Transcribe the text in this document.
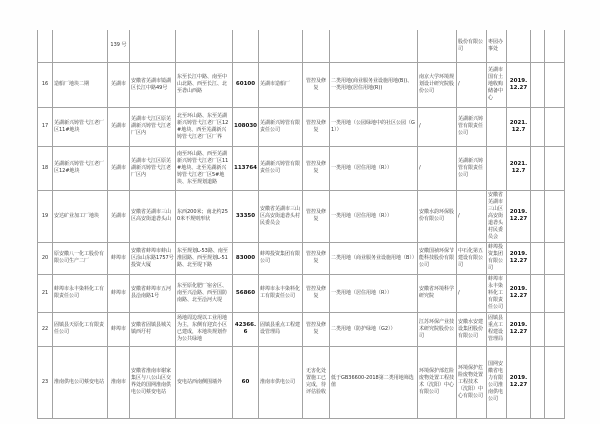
		139 号								股份有限公司	枣园办事处			
16	造船厂地块二期	芜湖市	安徽省芜湖市镜湖区长江中路49号	东至长江中路、南至中山北路、西至长江、北至砻山西路	60100	芜湖市造船厂	管控及修复	二类用地(商业服务业设施用地(B))、一类用地(居住用地(R))	南京大学环境规划设计研究院股份公司	/	芜湖市国有土地收购储备中心	2019.12.27		
17	芜湖新兴铸管弋江老厂区11#地块	芜湖市	芜湖市弋江区原芜湖新兴铸管弋江老厂区内	北至环山路、东至芜湖新兴铸管弋江老厂区12#地块、西至芜湖新兴铸管弋江老厂区厂界	108030	芜湖新兴铸管有限责任公司	管控及修复	一类用地（公园绿地中的社区公园（G1））	/	芜湖新兴铸管有限责任公司		2021.12.7		
18	芜湖新兴铸管弋江老厂区12#地块	芜湖市	芜湖市弋江区原芜湖新兴铸管弋江老厂区内	南至环山路、西至芜湖新兴铸管弋江老厂区11#地块、北至芜湖新兴铸管弋江老厂区5#地块、东至规划道路	113764	芜湖新兴铸管有限责任公司	管控及修复	一类用地（居住用地（R））	/	芜湖新兴铸管有限责任公司		2021.12.7		
19	安达矿业加工厂地块	芜湖市	安徽省芜湖市三山区高安街道砻头山	东西200米；南北约250米不规则形状	33350	安徽省芜湖市三山区高安街道砻头村民委员会	管控及修复	一类用地（居住用地（R））	安徽水韵环保股份有限公司	/	安徽省芜湖市三山区高安街道砻头村民委员会	2019.12.27		
20	原安徽八一化工股份有限公司生产二厂	蚌埠市	安徽省蚌埠市蚌山区涂山东路1757号投资大厦	东至规划L-53路、南至淮园路、西至规划L-51路、北至堤下路	83000	蚌埠投资集团有限公司	管控及修复	二类用地（商业服务业设施用地（B））	安徽国祯环保节能科技股份有限公司	中石化第五建设有限公司	蚌埠投资集团有限公司	2019.12.27		
21	蚌埠市永丰染料化工有限责任公司	蚌埠市	安徽省蚌埠市五河县浍南路1号	东至原化肥厂宿舍区、南至兴浍路、西至国防南路、北至浍河大堤	56860	蚌埠市永丰染料化工有限责任公司	管控及修复	一类用地（居住用地（R））	安徽省环境科学研究院	/	蚌埠市永丰染料化工有限责任公司	2019.12.27		
22	固镇县天原化工有限责任公司	蚌埠市	安徽省固镇县城关镇西圩村	场地周边现以工业用地为主，东侧有迎宾小区已建成，本地块规划作为公共绿地	42366.6	固镇县重点工程建设管理局	管控及修复	二类用地（防护绿地（G2））	江苏环保产业技术研究院股份公司	安徽水安建设集团股份有限公司	固镇县重点工程建设管理局	2019.12.27		
23	淮南供电公司蔡变电站	淮南市	安徽省淮南市谢家集区与八公山区交界处的国网淮南供电公司蔡变电站	变电站西南侧围墙外	60	淮南市供电公司	无害化处置施工已完成，待评估验收	低于GB36600-2018第二类用地筛选值	环境保护部危险废物处置工程技术（沈阳）中心有限公司	环境保护危险废物处置工程技术（沈阳）中心有限公司	国网安徽省电力有限公司淮南供电公司	2019.12.27		
